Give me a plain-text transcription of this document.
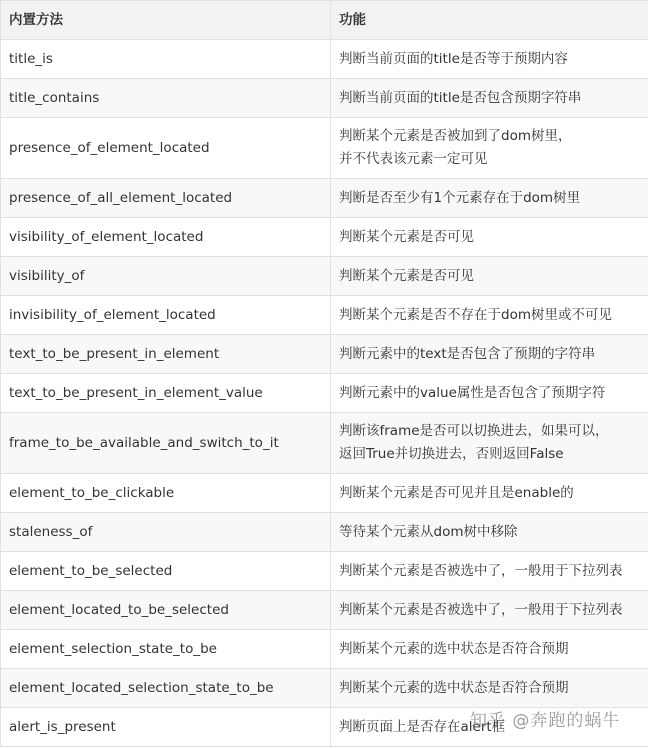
内置方法	功能
title_is	判断当前页面的title是否等于预期内容

title_contains	判断当前页面的title是否包含预期字符串

presence_of_element_located	判断某个元素是否被加到了dom树里，
并不代表该元素一定可见

presence_of_all_element_located	判断是否至少有1个元素存在于dom树里

visibility_of_element_located	判断某个元素是否可见

visibility_of	判断某个元素是否可见

invisibility_of_element_located	判断某个元素是否不存在于dom树里或不可见

text_to_be_present_in_element	判断元素中的text是否包含了预期的字符串

text_to_be_present_in_element_value	判断元素中的value属性是否包含了预期字符

frame_to_be_available_and_switch_to_it	判断该frame是否可以切换进去，如果可以，
返回True并切换进去，否则返回False

element_to_be_clickable	判断某个元素是否可见并且是enable的

staleness_of	等待某个元素从dom树中移除

element_to_be_selected	判断某个元素是否被选中了，一般用于下拉列表

element_located_to_be_selected	判断某个元素是否被选中了，一般用于下拉列表

element_selection_state_to_be	判断某个元素的选中状态是否符合预期

element_located_selection_state_to_be	判断某个元素的选中状态是否符合预期

alert_is_present	判断页面上是否存在alert框
知乎 @奔跑的蜗牛
